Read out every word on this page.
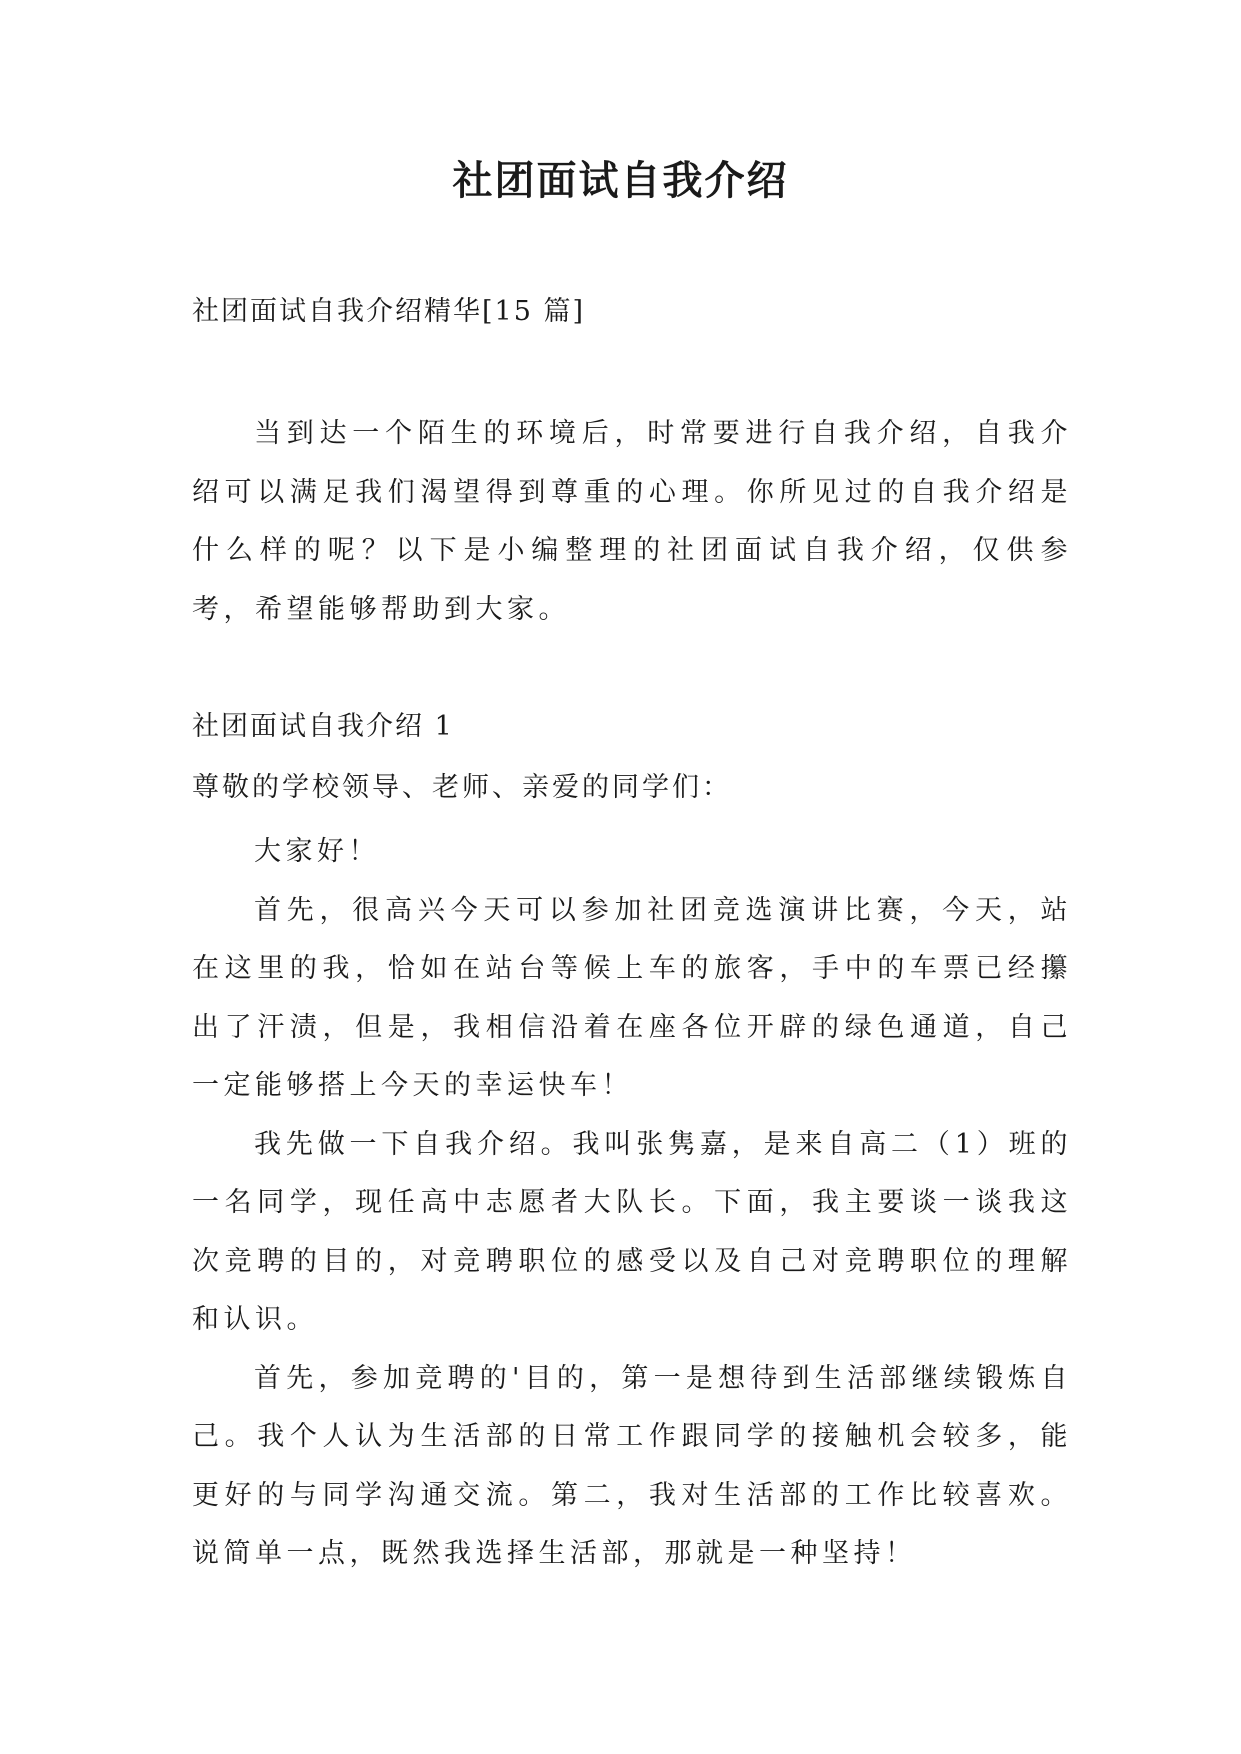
社团面试自我介绍

社团面试自我介绍精华[15 篇]

当到达一个陌生的环境后，时常要进行自我介绍，自我介绍可以满足我们渴望得到尊重的心理。你所见过的自我介绍是什么样的呢？以下是小编整理的社团面试自我介绍，仅供参考，希望能够帮助到大家。

社团面试自我介绍 1

尊敬的学校领导、老师、亲爱的同学们：

大家好！

首先，很高兴今天可以参加社团竞选演讲比赛，今天，站在这里的我，恰如在站台等候上车的旅客，手中的车票已经攥出了汗渍，但是，我相信沿着在座各位开辟的绿色通道，自己一定能够搭上今天的幸运快车！

我先做一下自我介绍。我叫张隽嘉，是来自高二（1）班的一名同学，现任高中志愿者大队长。下面，我主要谈一谈我这次竞聘的目的，对竞聘职位的感受以及自己对竞聘职位的理解和认识。

首先，参加竞聘的'目的，第一是想待到生活部继续锻炼自己。我个人认为生活部的日常工作跟同学的接触机会较多，能更好的与同学沟通交流。第二，我对生活部的工作比较喜欢。说简单一点，既然我选择生活部，那就是一种坚持！
